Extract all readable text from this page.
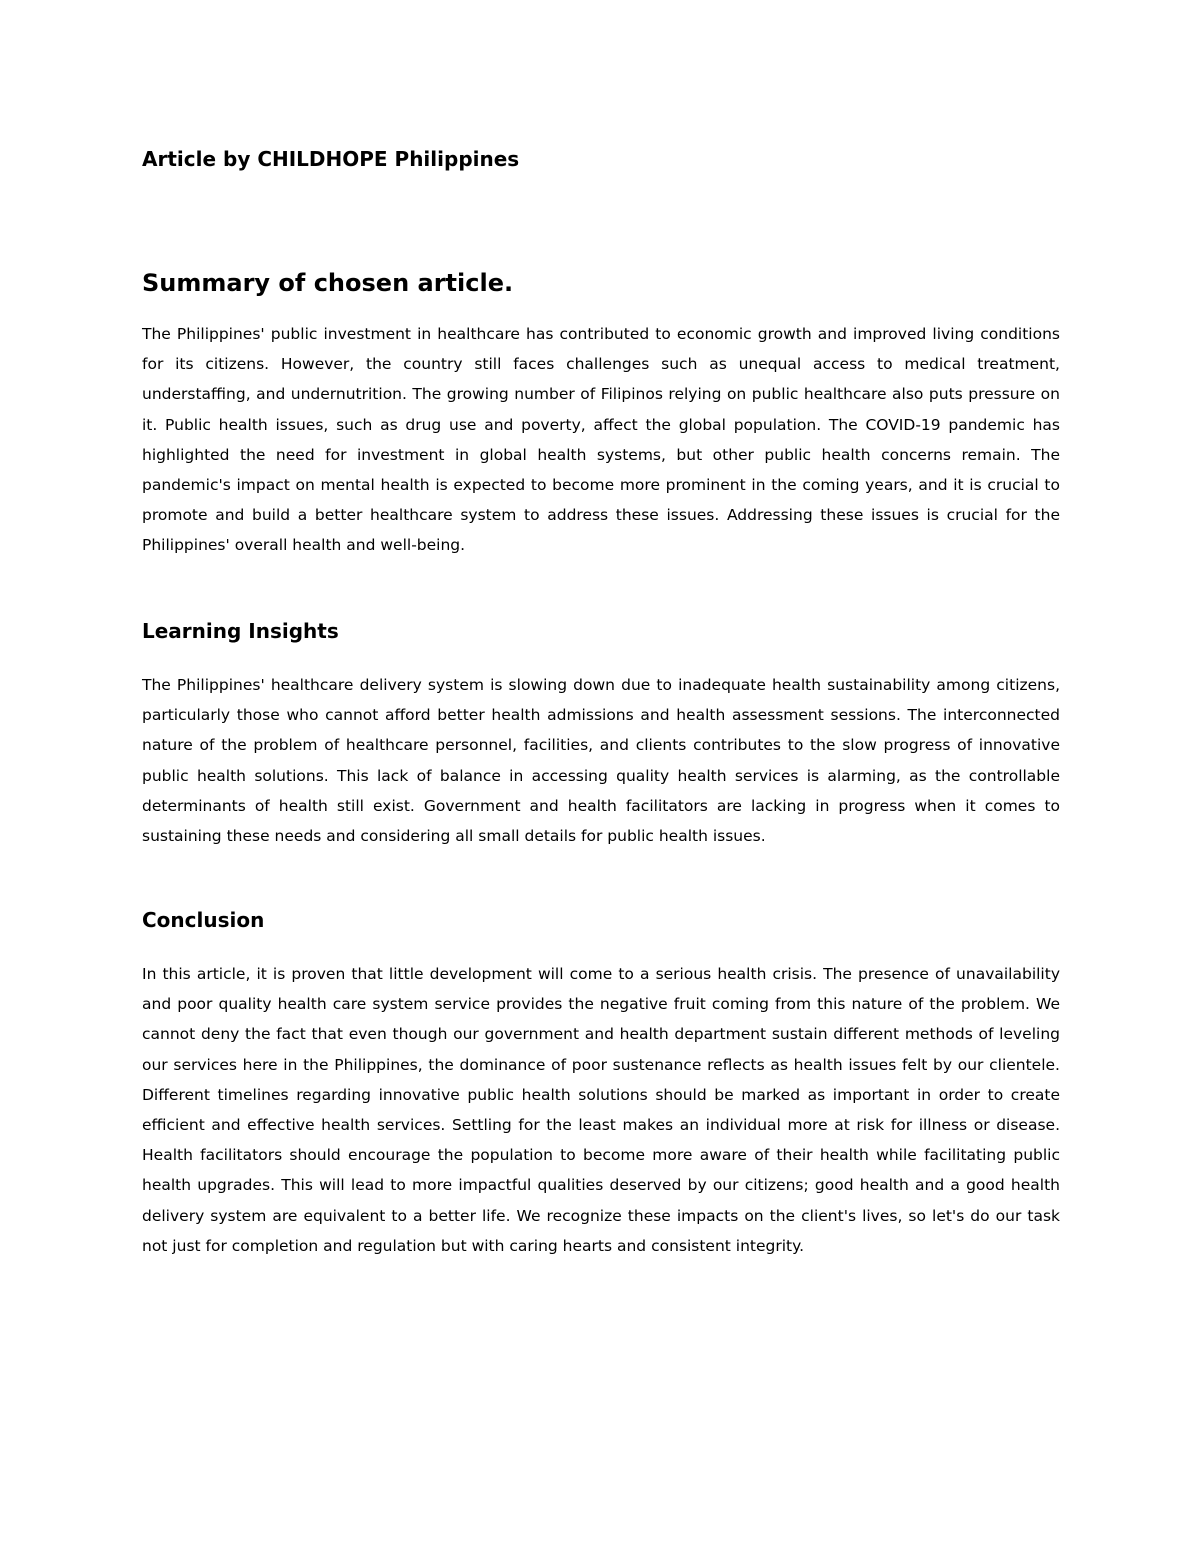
Article by CHILDHOPE Philippines
Summary of chosen article.

The Philippines' public investment in healthcare has contributed to economic growth and improved living conditions for its citizens. However, the country still faces challenges such as unequal access to medical treatment, understaffing, and undernutrition. The growing number of Filipinos relying on public healthcare also puts pressure on it. Public health issues, such as drug use and poverty, affect the global population. The COVID-19 pandemic has highlighted the need for investment in global health systems, but other public health concerns remain. The pandemic's impact on mental health is expected to become more prominent in the coming years, and it is crucial to promote and build a better healthcare system to address these issues. Addressing these issues is crucial for the Philippines' overall health and well-being.

Learning Insights

The Philippines' healthcare delivery system is slowing down due to inadequate health sustainability among citizens, particularly those who cannot afford better health admissions and health assessment sessions. The interconnected nature of the problem of healthcare personnel, facilities, and clients contributes to the slow progress of innovative public health solutions. This lack of balance in accessing quality health services is alarming, as the controllable determinants of health still exist. Government and health facilitators are lacking in progress when it comes to sustaining these needs and considering all small details for public health issues.

Conclusion

In this article, it is proven that little development will come to a serious health crisis. The presence of unavailability and poor quality health care system service provides the negative fruit coming from this nature of the problem. We cannot deny the fact that even though our government and health department sustain different methods of leveling our services here in the Philippines, the dominance of poor sustenance reflects as health issues felt by our clientele. Different timelines regarding innovative public health solutions should be marked as important in order to create efficient and effective health services. Settling for the least makes an individual more at risk for illness or disease. Health facilitators should encourage the population to become more aware of their health while facilitating public health upgrades. This will lead to more impactful qualities deserved by our citizens; good health and a good health delivery system are equivalent to a better life. We recognize these impacts on the client's lives, so let's do our task not just for completion and regulation but with caring hearts and consistent integrity.
